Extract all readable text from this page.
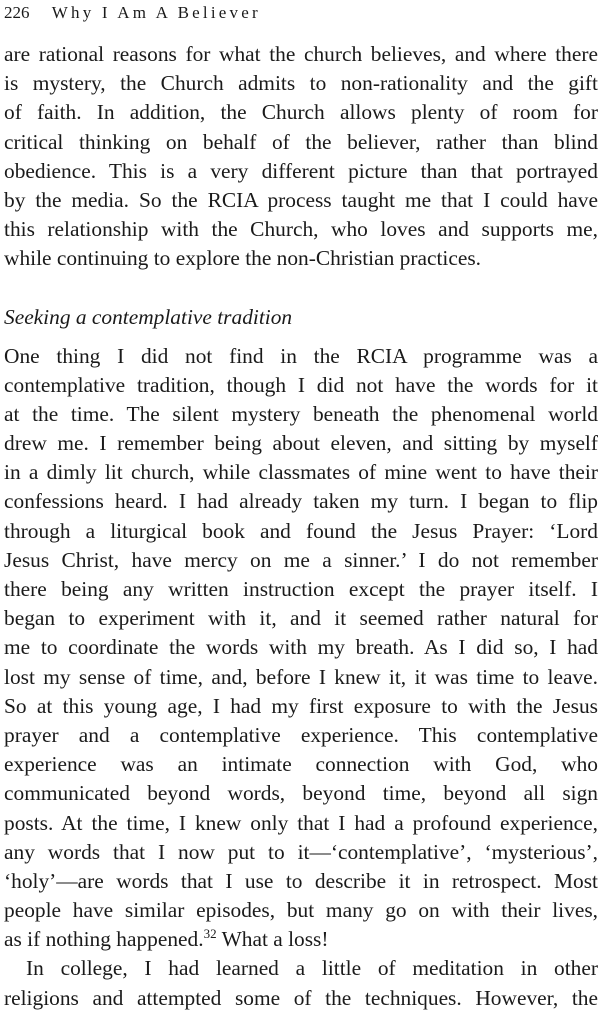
226 Why I Am A Believer
are rational reasons for what the church believes, and where there
is mystery, the Church admits to non-rationality and the gift
of faith. In addition, the Church allows plenty of room for
critical thinking on behalf of the believer, rather than blind
obedience. This is a very different picture than that portrayed
by the media. So the RCIA process taught me that I could have
this relationship with the Church, who loves and supports me,
while continuing to explore the non-Christian practices.
Seeking a contemplative tradition
One thing I did not find in the RCIA programme was a
contemplative tradition, though I did not have the words for it
at the time. The silent mystery beneath the phenomenal world
drew me. I remember being about eleven, and sitting by myself
in a dimly lit church, while classmates of mine went to have their
confessions heard. I had already taken my turn. I began to flip
through a liturgical book and found the Jesus Prayer: ‘Lord
Jesus Christ, have mercy on me a sinner.’ I do not remember
there being any written instruction except the prayer itself. I
began to experiment with it, and it seemed rather natural for
me to coordinate the words with my breath. As I did so, I had
lost my sense of time, and, before I knew it, it was time to leave.
So at this young age, I had my first exposure to with the Jesus
prayer and a contemplative experience. This contemplative
experience was an intimate connection with God, who
communicated beyond words, beyond time, beyond all sign
posts. At the time, I knew only that I had a profound experience,
any words that I now put to it—‘contemplative’, ‘mysterious’,
‘holy’—are words that I use to describe it in retrospect. Most
people have similar episodes, but many go on with their lives,
as if nothing happened.$^{32}$ What a loss!
In college, I had learned a little of meditation in other
religions and attempted some of the techniques. However, the
